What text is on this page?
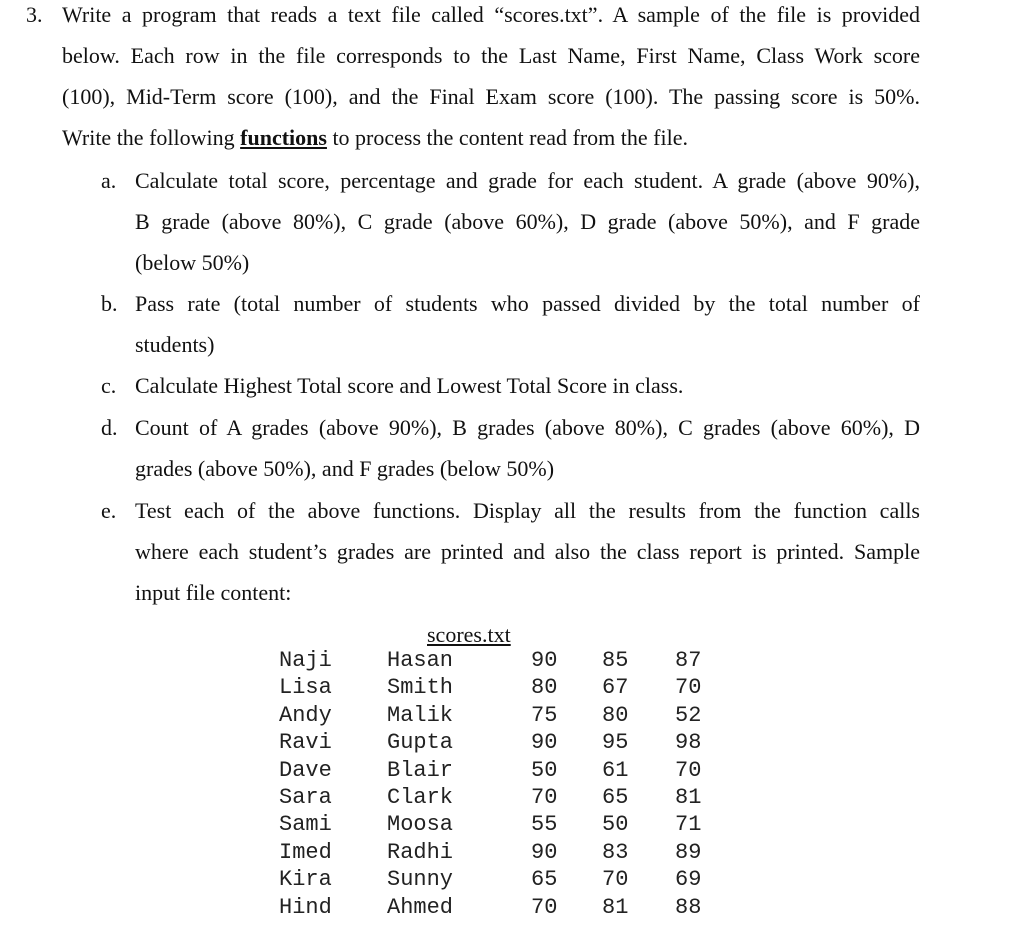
3. Write a program that reads a text file called “scores.txt”. A sample of the file is provided
below. Each row in the file corresponds to the Last Name, First Name, Class Work score
(100), Mid-Term score (100), and the Final Exam score (100). The passing score is 50%.
Write the following functions to process the content read from the file.
a. Calculate total score, percentage and grade for each student. A grade (above 90%),
B grade (above 80%), C grade (above 60%), D grade (above 50%), and F grade
(below 50%)
b. Pass rate (total number of students who passed divided by the total number of
students)
c. Calculate Highest Total score and Lowest Total Score in class.
d. Count of A grades (above 90%), B grades (above 80%), C grades (above 60%), D
grades (above 50%), and F grades (below 50%)
e. Test each of the above functions. Display all the results from the function calls
where each student’s grades are printed and also the class report is printed. Sample
input file content:
scores.txt
Naji	Hasan	90 85 87
Lisa	Smith	80 67 70
Andy	Malik	75 80 52
Ravi	Gupta	90 95 98
Dave	Blair	50 61 70
Sara	Clark	70 65 81
Sami	Moosa	55 50 71
Imed	Radhi	90 83 89
Kira	Sunny	65 70 69
Hind	Ahmed	70 81 88
